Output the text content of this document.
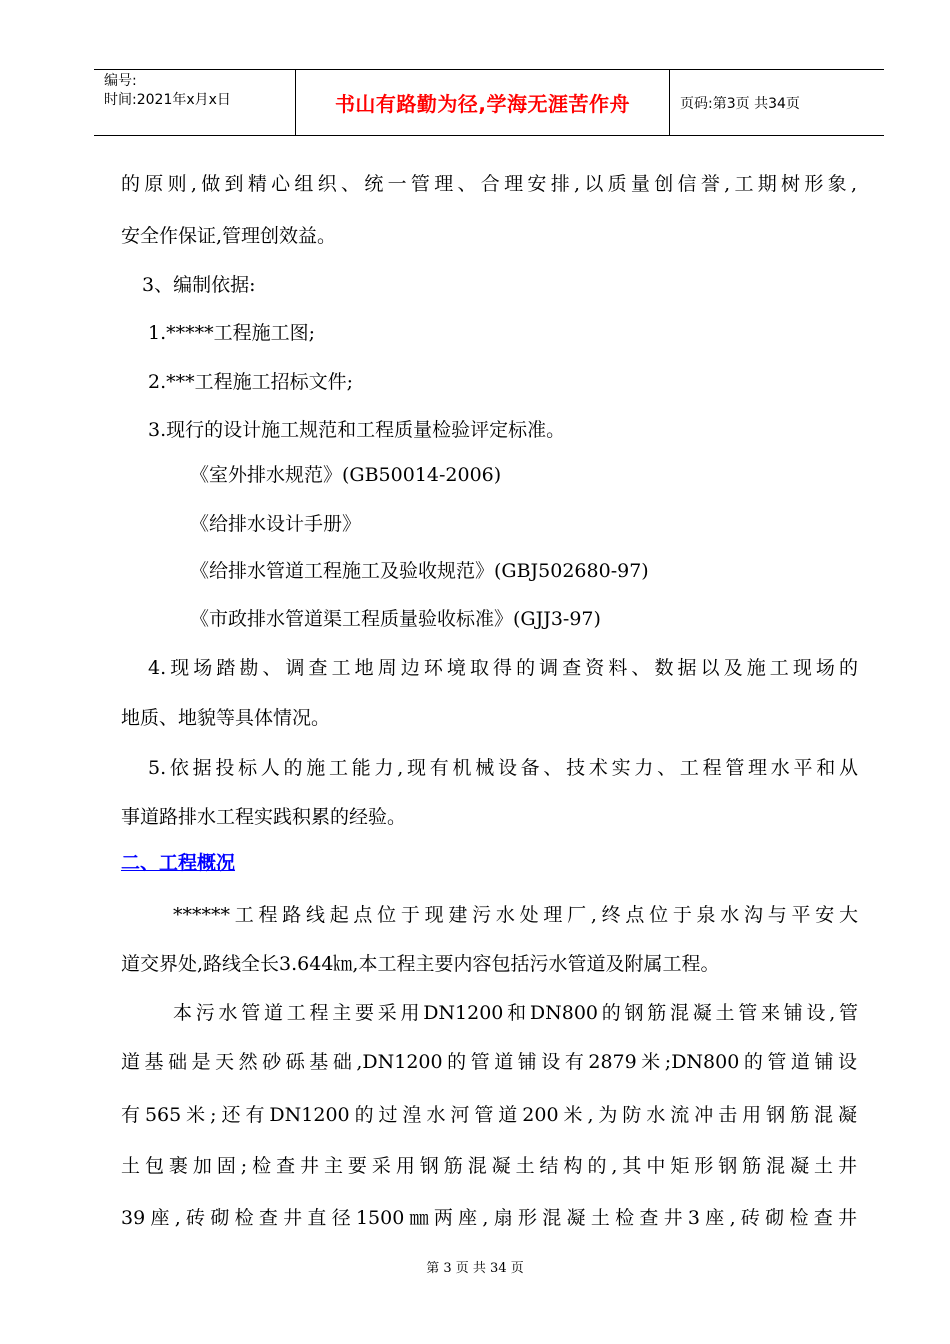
编号:
时间:2021年x月x日	书山有路勤为径,学海无涯苦作舟	页码:第3页 共34页
的原则,做到精心组织、统一管理、合理安排,以质量创信誉,工期树形象,
安全作保证,管理创效益。
3、编制依据:
1.*****工程施工图;
2.***工程施工招标文件;
3.现行的设计施工规范和工程质量检验评定标准。
《室外排水规范》(GB50014-2006)
《给排水设计手册》
《给排水管道工程施工及验收规范》(GBJ502680-97)
《市政排水管道渠工程质量验收标准》(GJJ3-97)
4.现场踏勘、调查工地周边环境取得的调查资料、数据以及施工现场的
地质、地貌等具体情况。
5.依据投标人的施工能力,现有机械设备、技术实力、工程管理水平和从
事道路排水工程实践积累的经验。
二、工程概况
******工程路线起点位于现建污水处理厂,终点位于泉水沟与平安大
道交界处,路线全长3.644㎞,本工程主要内容包括污水管道及附属工程。
本污水管道工程主要采用DN1200和DN800的钢筋混凝土管来铺设,管
道基础是天然砂砾基础,DN1200的管道铺设有2879米;DN800的管道铺设
有565米;还有DN1200的过湟水河管道200米,为防水流冲击用钢筋混凝
土包裹加固;检查井主要采用钢筋混凝土结构的,其中矩形钢筋混凝土井
39座,砖砌检查井直径1500㎜两座,扇形混凝土检查井3座,砖砌检查井
第 3 页 共 34 页
